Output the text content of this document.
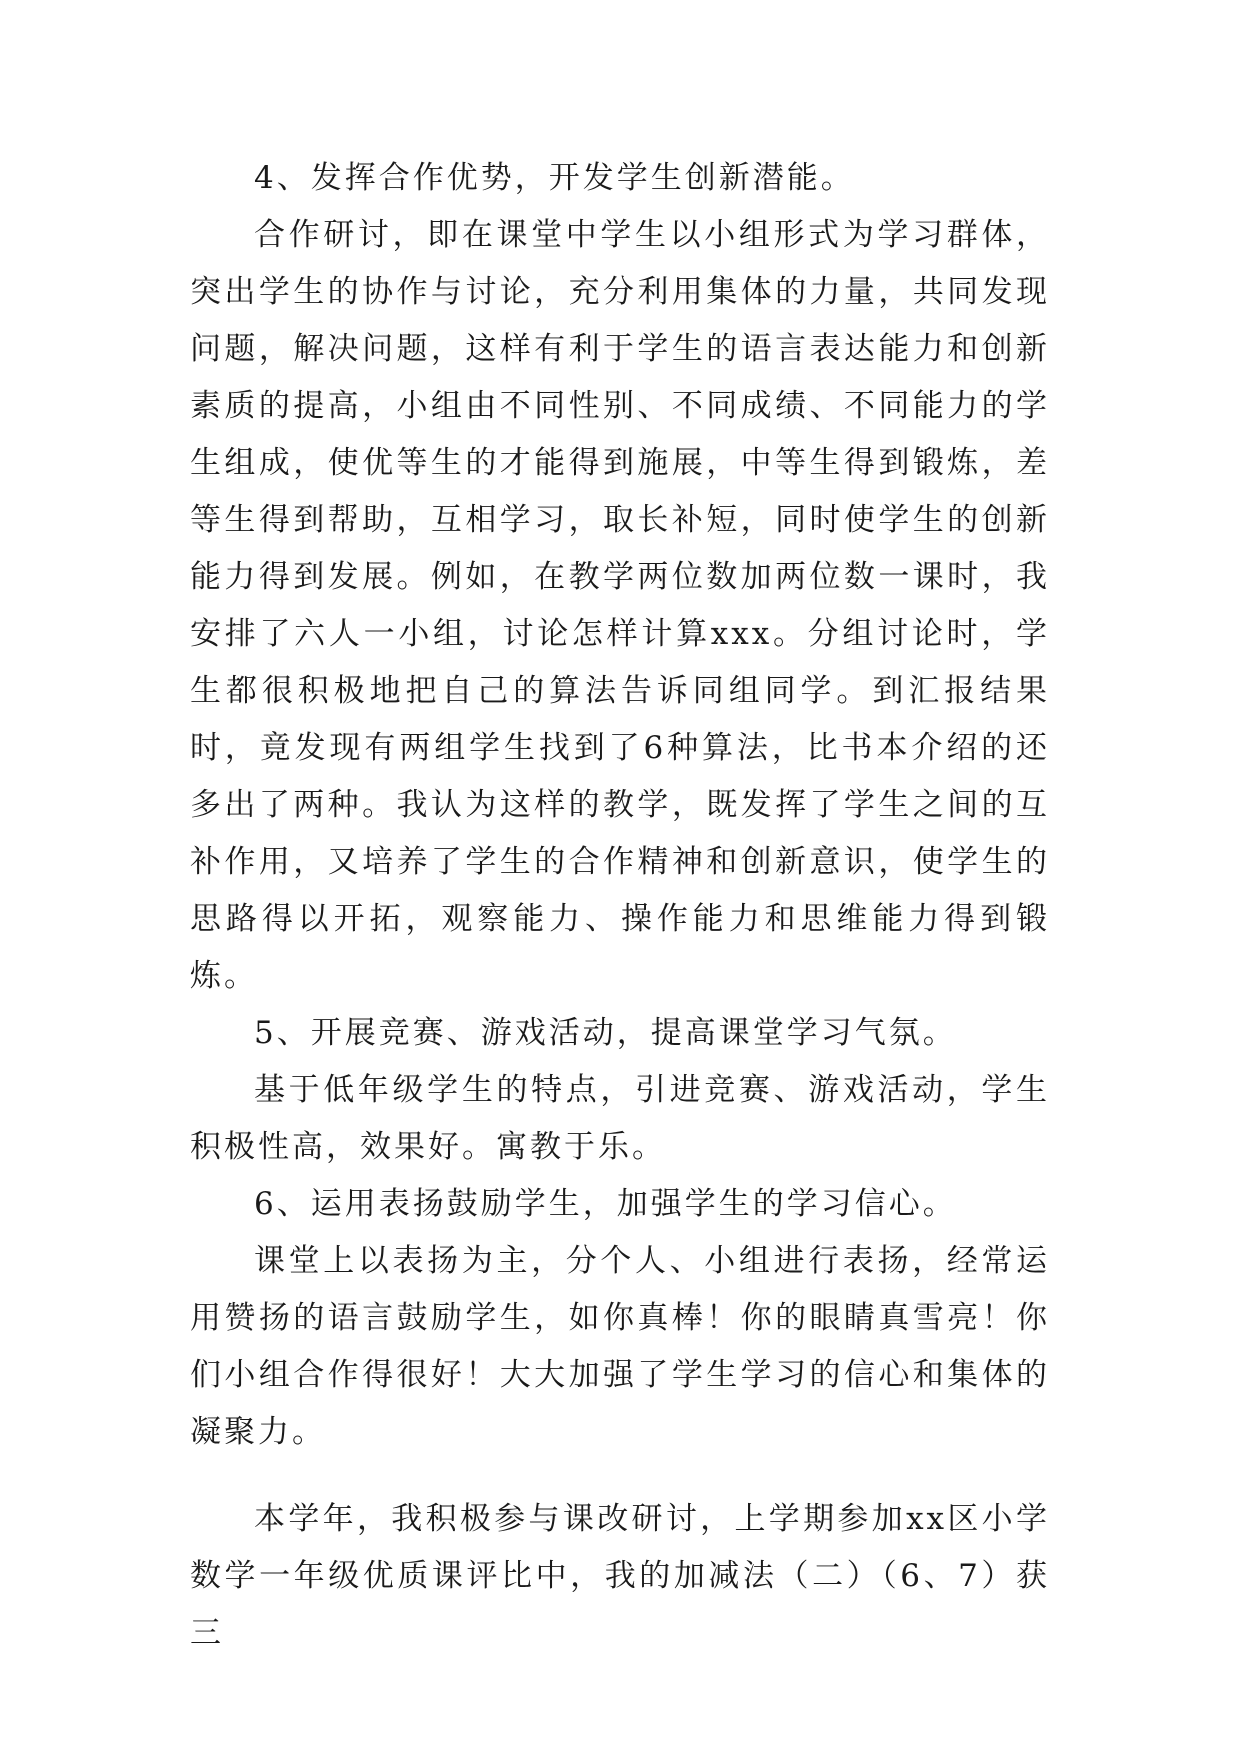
4、发挥合作优势，开发学生创新潜能。

合作研讨，即在课堂中学生以小组形式为学习群体，突出学生的协作与讨论，充分利用集体的力量，共同发现问题，解决问题，这样有利于学生的语言表达能力和创新素质的提高，小组由不同性别、不同成绩、不同能力的学生组成，使优等生的才能得到施展，中等生得到锻炼，差等生得到帮助，互相学习，取长补短，同时使学生的创新能力得到发展。例如，在教学两位数加两位数一课时，我安排了六人一小组，讨论怎样计算xxx。分组讨论时，学生都很积极地把自己的算法告诉同组同学。到汇报结果时，竟发现有两组学生找到了6种算法，比书本介绍的还多出了两种。我认为这样的教学，既发挥了学生之间的互补作用，又培养了学生的合作精神和创新意识，使学生的思路得以开拓，观察能力、操作能力和思维能力得到锻炼。

5、开展竞赛、游戏活动，提高课堂学习气氛。

基于低年级学生的特点，引进竞赛、游戏活动，学生积极性高，效果好。寓教于乐。

6、运用表扬鼓励学生，加强学生的学习信心。

课堂上以表扬为主，分个人、小组进行表扬，经常运用赞扬的语言鼓励学生，如你真棒！你的眼睛真雪亮！你们小组合作得很好！大大加强了学生学习的信心和集体的凝聚力。

本学年，我积极参与课改研讨，上学期参加xx区小学数学一年级优质课评比中，我的加减法（二）（6、7）获三
